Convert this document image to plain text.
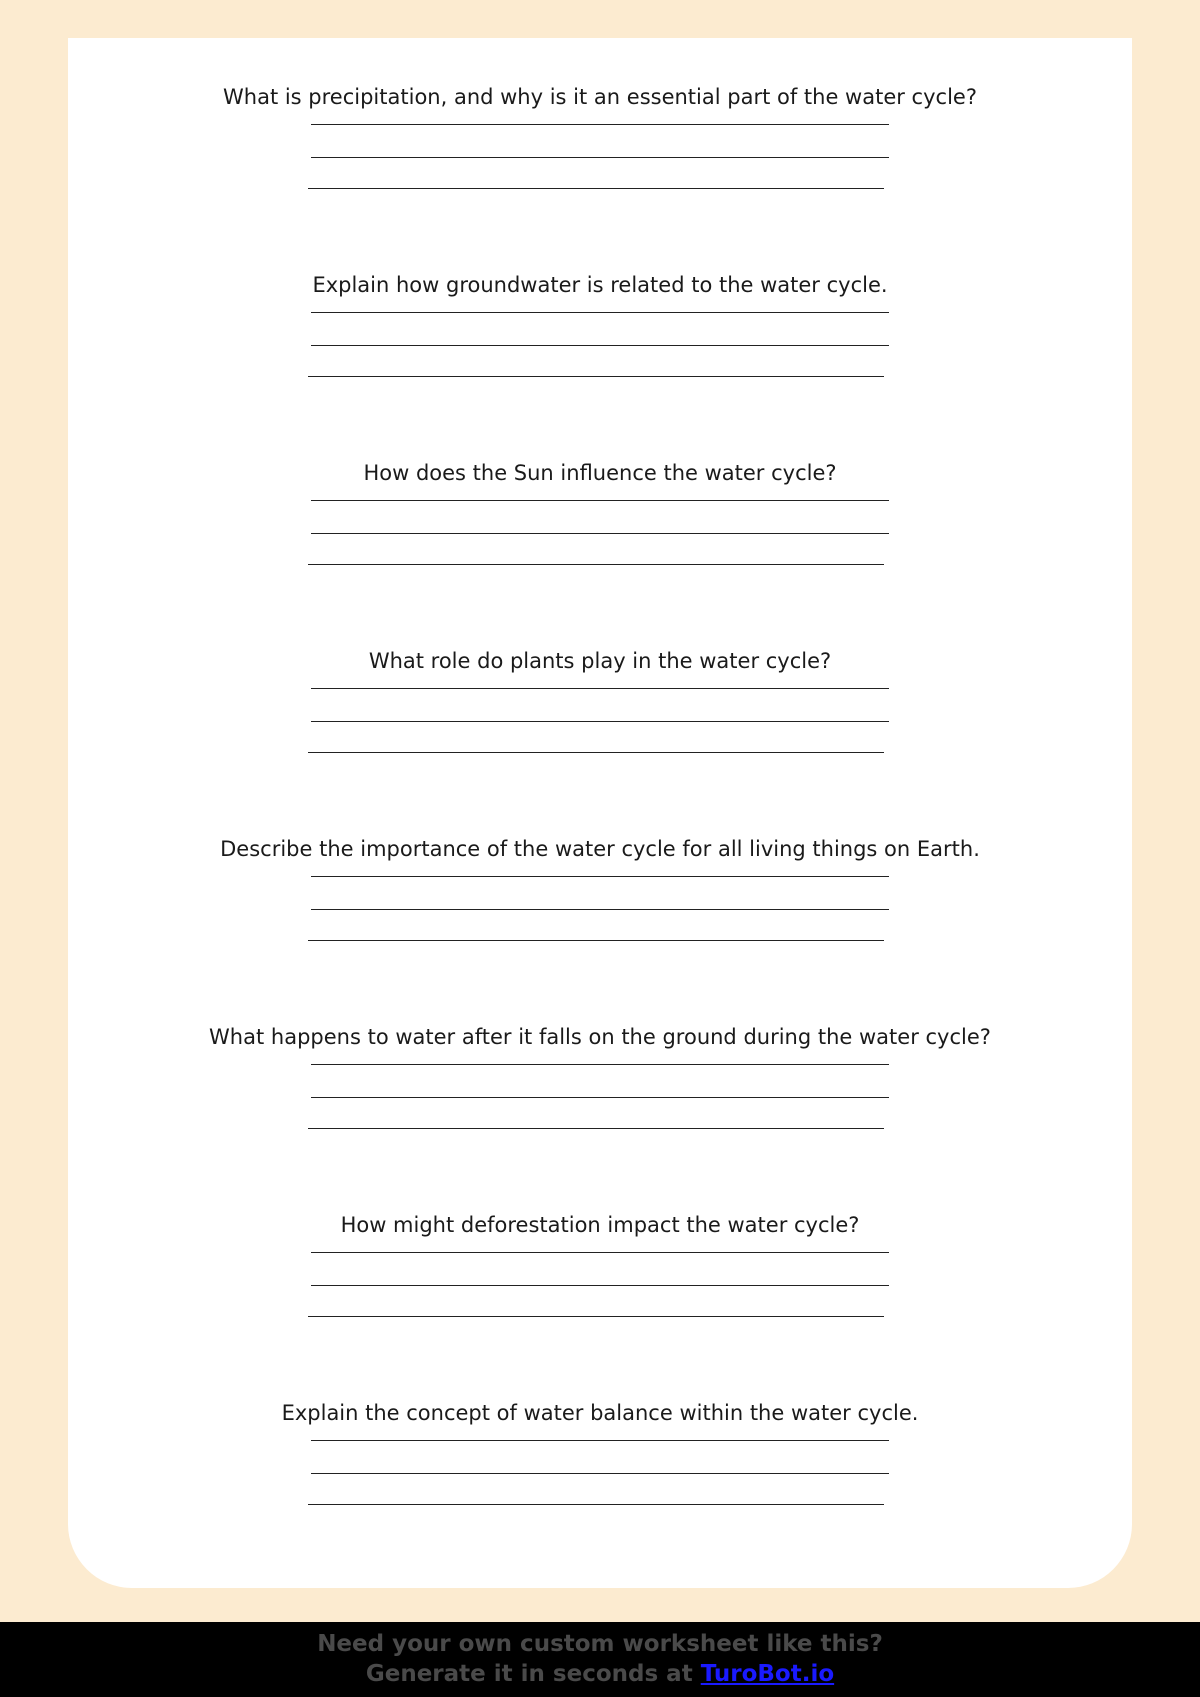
What is precipitation, and why is it an essential part of the water cycle?

Explain how groundwater is related to the water cycle.

How does the Sun influence the water cycle?

What role do plants play in the water cycle?

Describe the importance of the water cycle for all living things on Earth.

What happens to water after it falls on the ground during the water cycle?

How might deforestation impact the water cycle?

Explain the concept of water balance within the water cycle.

Need your own custom worksheet like this?
Generate it in seconds at TuroBot.io
